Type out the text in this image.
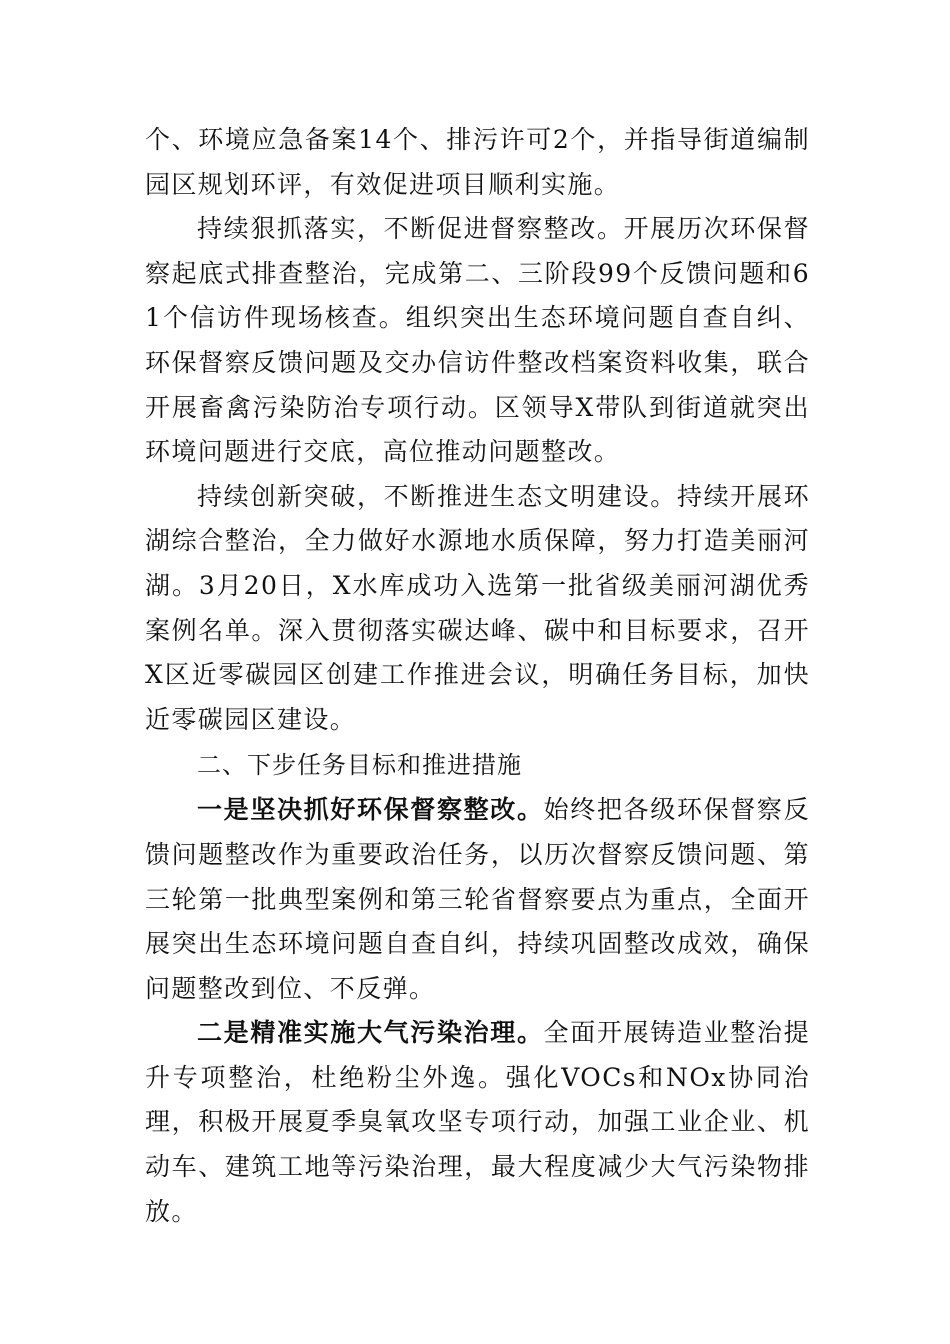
个、环境应急备案14个、排污许可2个，并指导街道编制园区规划环评，有效促进项目顺利实施。

持续狠抓落实，不断促进督察整改。开展历次环保督察起底式排查整治，完成第二、三阶段99个反馈问题和61个信访件现场核查。组织突出生态环境问题自查自纠、环保督察反馈问题及交办信访件整改档案资料收集，联合开展畜禽污染防治专项行动。区领导X带队到街道就突出环境问题进行交底，高位推动问题整改。

持续创新突破，不断推进生态文明建设。持续开展环湖综合整治，全力做好水源地水质保障，努力打造美丽河湖。3月20日，X水库成功入选第一批省级美丽河湖优秀案例名单。深入贯彻落实碳达峰、碳中和目标要求，召开X区近零碳园区创建工作推进会议，明确任务目标，加快近零碳园区建设。

二、下步任务目标和推进措施

一是坚决抓好环保督察整改。始终把各级环保督察反馈问题整改作为重要政治任务，以历次督察反馈问题、第三轮第一批典型案例和第三轮省督察要点为重点，全面开展突出生态环境问题自查自纠，持续巩固整改成效，确保问题整改到位、不反弹。

二是精准实施大气污染治理。全面开展铸造业整治提升专项整治，杜绝粉尘外逸。强化VOCs和NOx协同治理，积极开展夏季臭氧攻坚专项行动，加强工业企业、机动车、建筑工地等污染治理，最大程度减少大气污染物排放。
